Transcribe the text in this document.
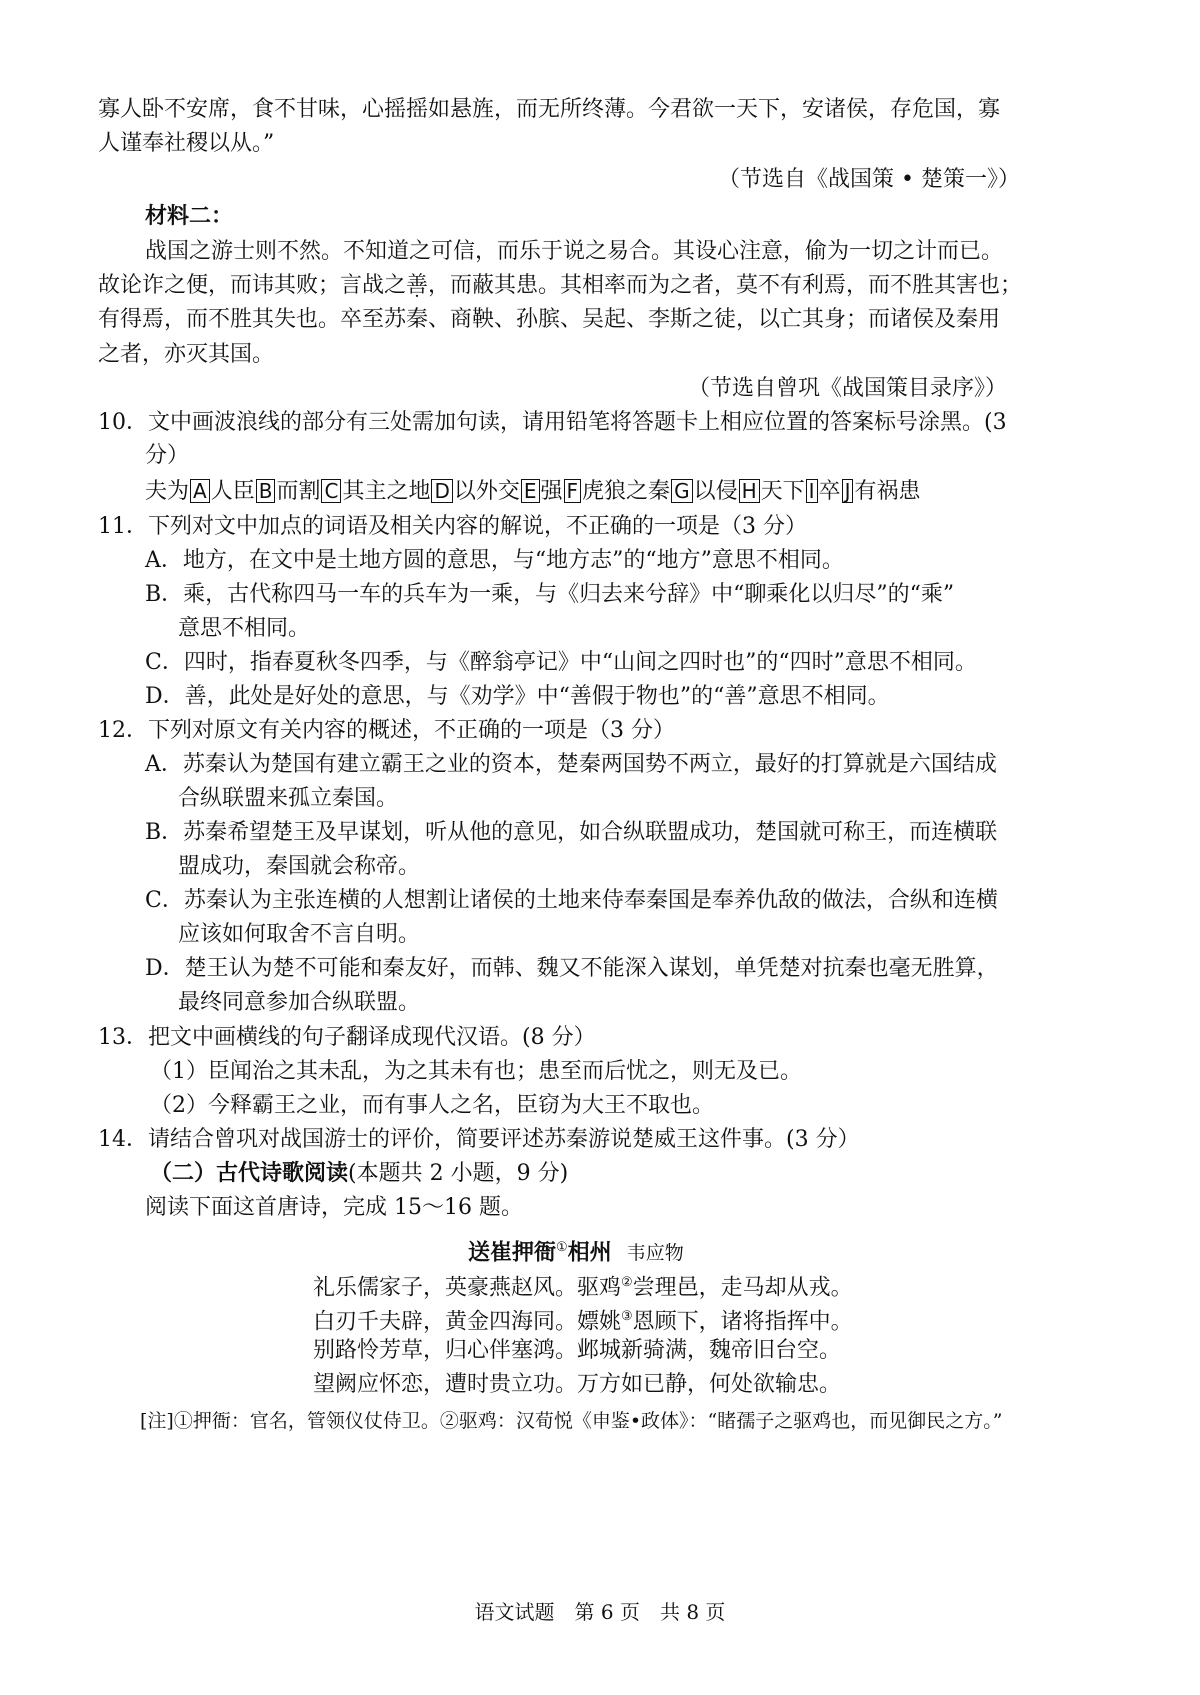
寡人卧不安席，食不甘味，心摇摇如悬旌，而无所终薄。今君欲一天下，安诸侯，存危国，寡
人谨奉社稷以从。”
（节选自《战国策 • 楚策一》）
材料二：
战国之游士则不然。不知道之可信，而乐于说之易合。其设心注意，偷为一切之计而已。
故论诈之便，而讳其败；言战之善，而蔽其患。其相率而为之者，莫不有利焉，而不胜其害也；
有得焉，而不胜其失也。卒至苏秦、商鞅、孙膑、吴起、李斯之徒，以亡其身；而诸侯及秦用
之者，亦灭其国。
（节选自曾巩《战国策目录序》）
10．文中画波浪线的部分有三处需加句读，请用铅笔将答题卡上相应位置的答案标号涂黑。(3
分）
夫为 A 人臣 B 而割 C 其主之地 D 以外交 E 强 F 虎狼之秦 G 以侵 H 天下 I 卒 J 有祸患
11．下列对文中加点的词语及相关内容的解说，不正确的一项是（3 分）
A．地方，在文中是土地方圆的意思，与“地方志”的“地方”意思不相同。
B．乘，古代称四马一车的兵车为一乘，与《归去来兮辞》中“聊乘化以归尽”的“乘”
意思不相同。
C．四时，指春夏秋冬四季，与《醉翁亭记》中“山间之四时也”的“四时”意思不相同。
D．善，此处是好处的意思，与《劝学》中“善假于物也”的“善”意思不相同。
12．下列对原文有关内容的概述，不正确的一项是（3 分）
A．苏秦认为楚国有建立霸王之业的资本，楚秦两国势不两立，最好的打算就是六国结成
合纵联盟来孤立秦国。
B．苏秦希望楚王及早谋划，听从他的意见，如合纵联盟成功，楚国就可称王，而连横联
盟成功，秦国就会称帝。
C．苏秦认为主张连横的人想割让诸侯的土地来侍奉秦国是奉养仇敌的做法，合纵和连横
应该如何取舍不言自明。
D．楚王认为楚不可能和秦友好，而韩、魏又不能深入谋划，单凭楚对抗秦也毫无胜算，
最终同意参加合纵联盟。
13．把文中画横线的句子翻译成现代汉语。(8 分）
（1）臣闻治之其未乱，为之其未有也；患至而后忧之，则无及已。
（2）今释霸王之业，而有事人之名，臣窃为大王不取也。
14．请结合曾巩对战国游士的评价，简要评述苏秦游说楚威王这件事。(3 分）
（二）古代诗歌阅读(本题共 2 小题，9 分)
阅读下面这首唐诗，完成 15～16 题。
送崔押衙①相州 韦应物
礼乐儒家子，英豪燕赵风。驱鸡②尝理邑，走马却从戎。
白刃千夫辟，黄金四海同。嫖姚③恩顾下，诸将指挥中。
别路怜芳草，归心伴塞鸿。邺城新骑满，魏帝旧台空。
望阙应怀恋，遭时贵立功。万方如已静，何处欲输忠。
[注]①押衙：官名，管领仪仗侍卫。②驱鸡：汉荀悦《申鉴•政体》：“睹孺子之驱鸡也，而见御民之方。”
语文试题　第 6 页　共 8 页
